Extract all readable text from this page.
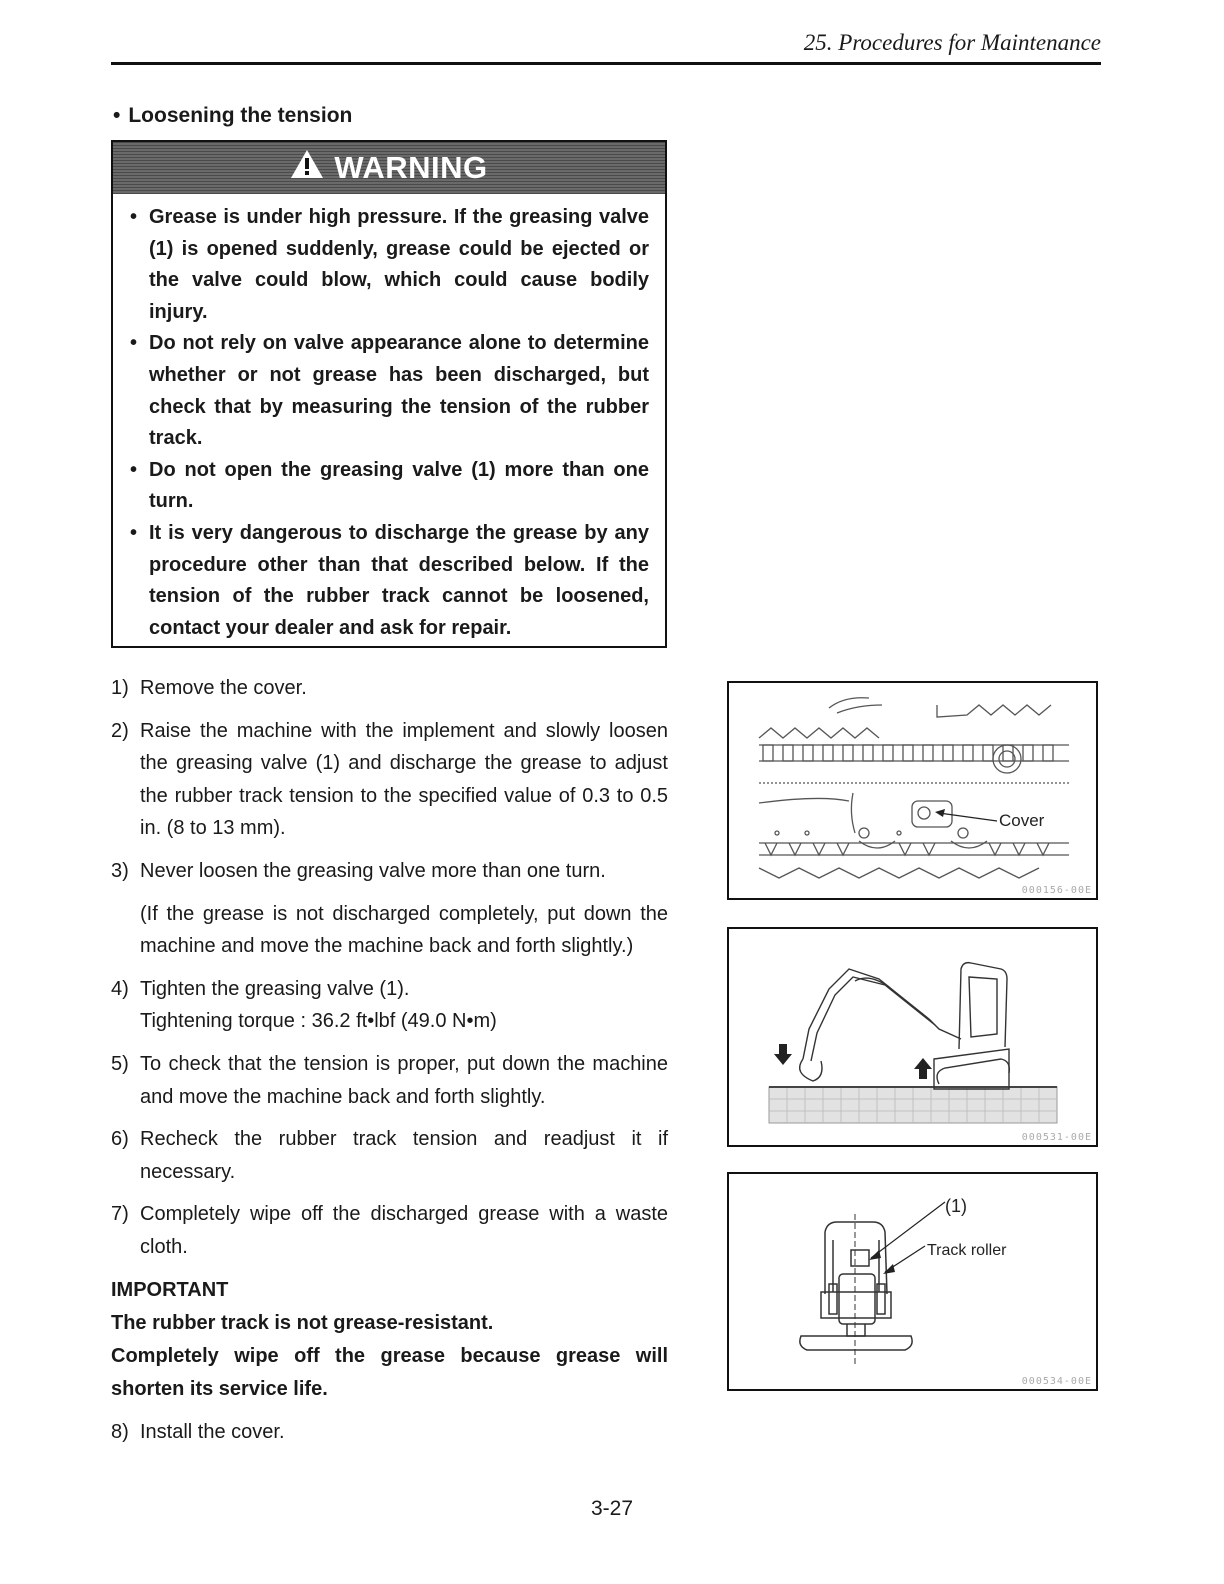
25. Procedures for Maintenance
• Loosening the tension
WARNING
• Grease is under high pressure. If the greasing valve (1) is opened suddenly, grease could be ejected or the valve could blow, which could cause bodily injury.
• Do not rely on valve appearance alone to determine whether or not grease has been discharged, but check that by measuring the tension of the rubber track.
• Do not open the greasing valve (1) more than one turn.
• It is very dangerous to discharge the grease by any procedure other than that described below. If the tension of the rubber track cannot be loosened, contact your dealer and ask for repair.
1) Remove the cover.
2) Raise the machine with the implement and slowly loosen the greasing valve (1) and discharge the grease to adjust the rubber track tension to the specified value of 0.3 to 0.5 in. (8 to 13 mm).
3) Never loosen the greasing valve more than one turn.
(If the grease is not discharged completely, put down the machine and move the machine back and forth slightly.)
4) Tighten the greasing valve (1).
Tightening torque : 36.2 ft•lbf (49.0 N•m)
5) To check that the tension is proper, put down the machine and move the machine back and forth slightly.
6) Recheck the rubber track tension and readjust it if necessary.
7) Completely wipe off the discharged grease with a waste cloth.
IMPORTANT
The rubber track is not grease-resistant.
Completely wipe off the grease because grease will shorten its service life.
8) Install the cover.
Cover
000156-00E
000531-00E
(1)
Track roller
000534-00E
3-27
